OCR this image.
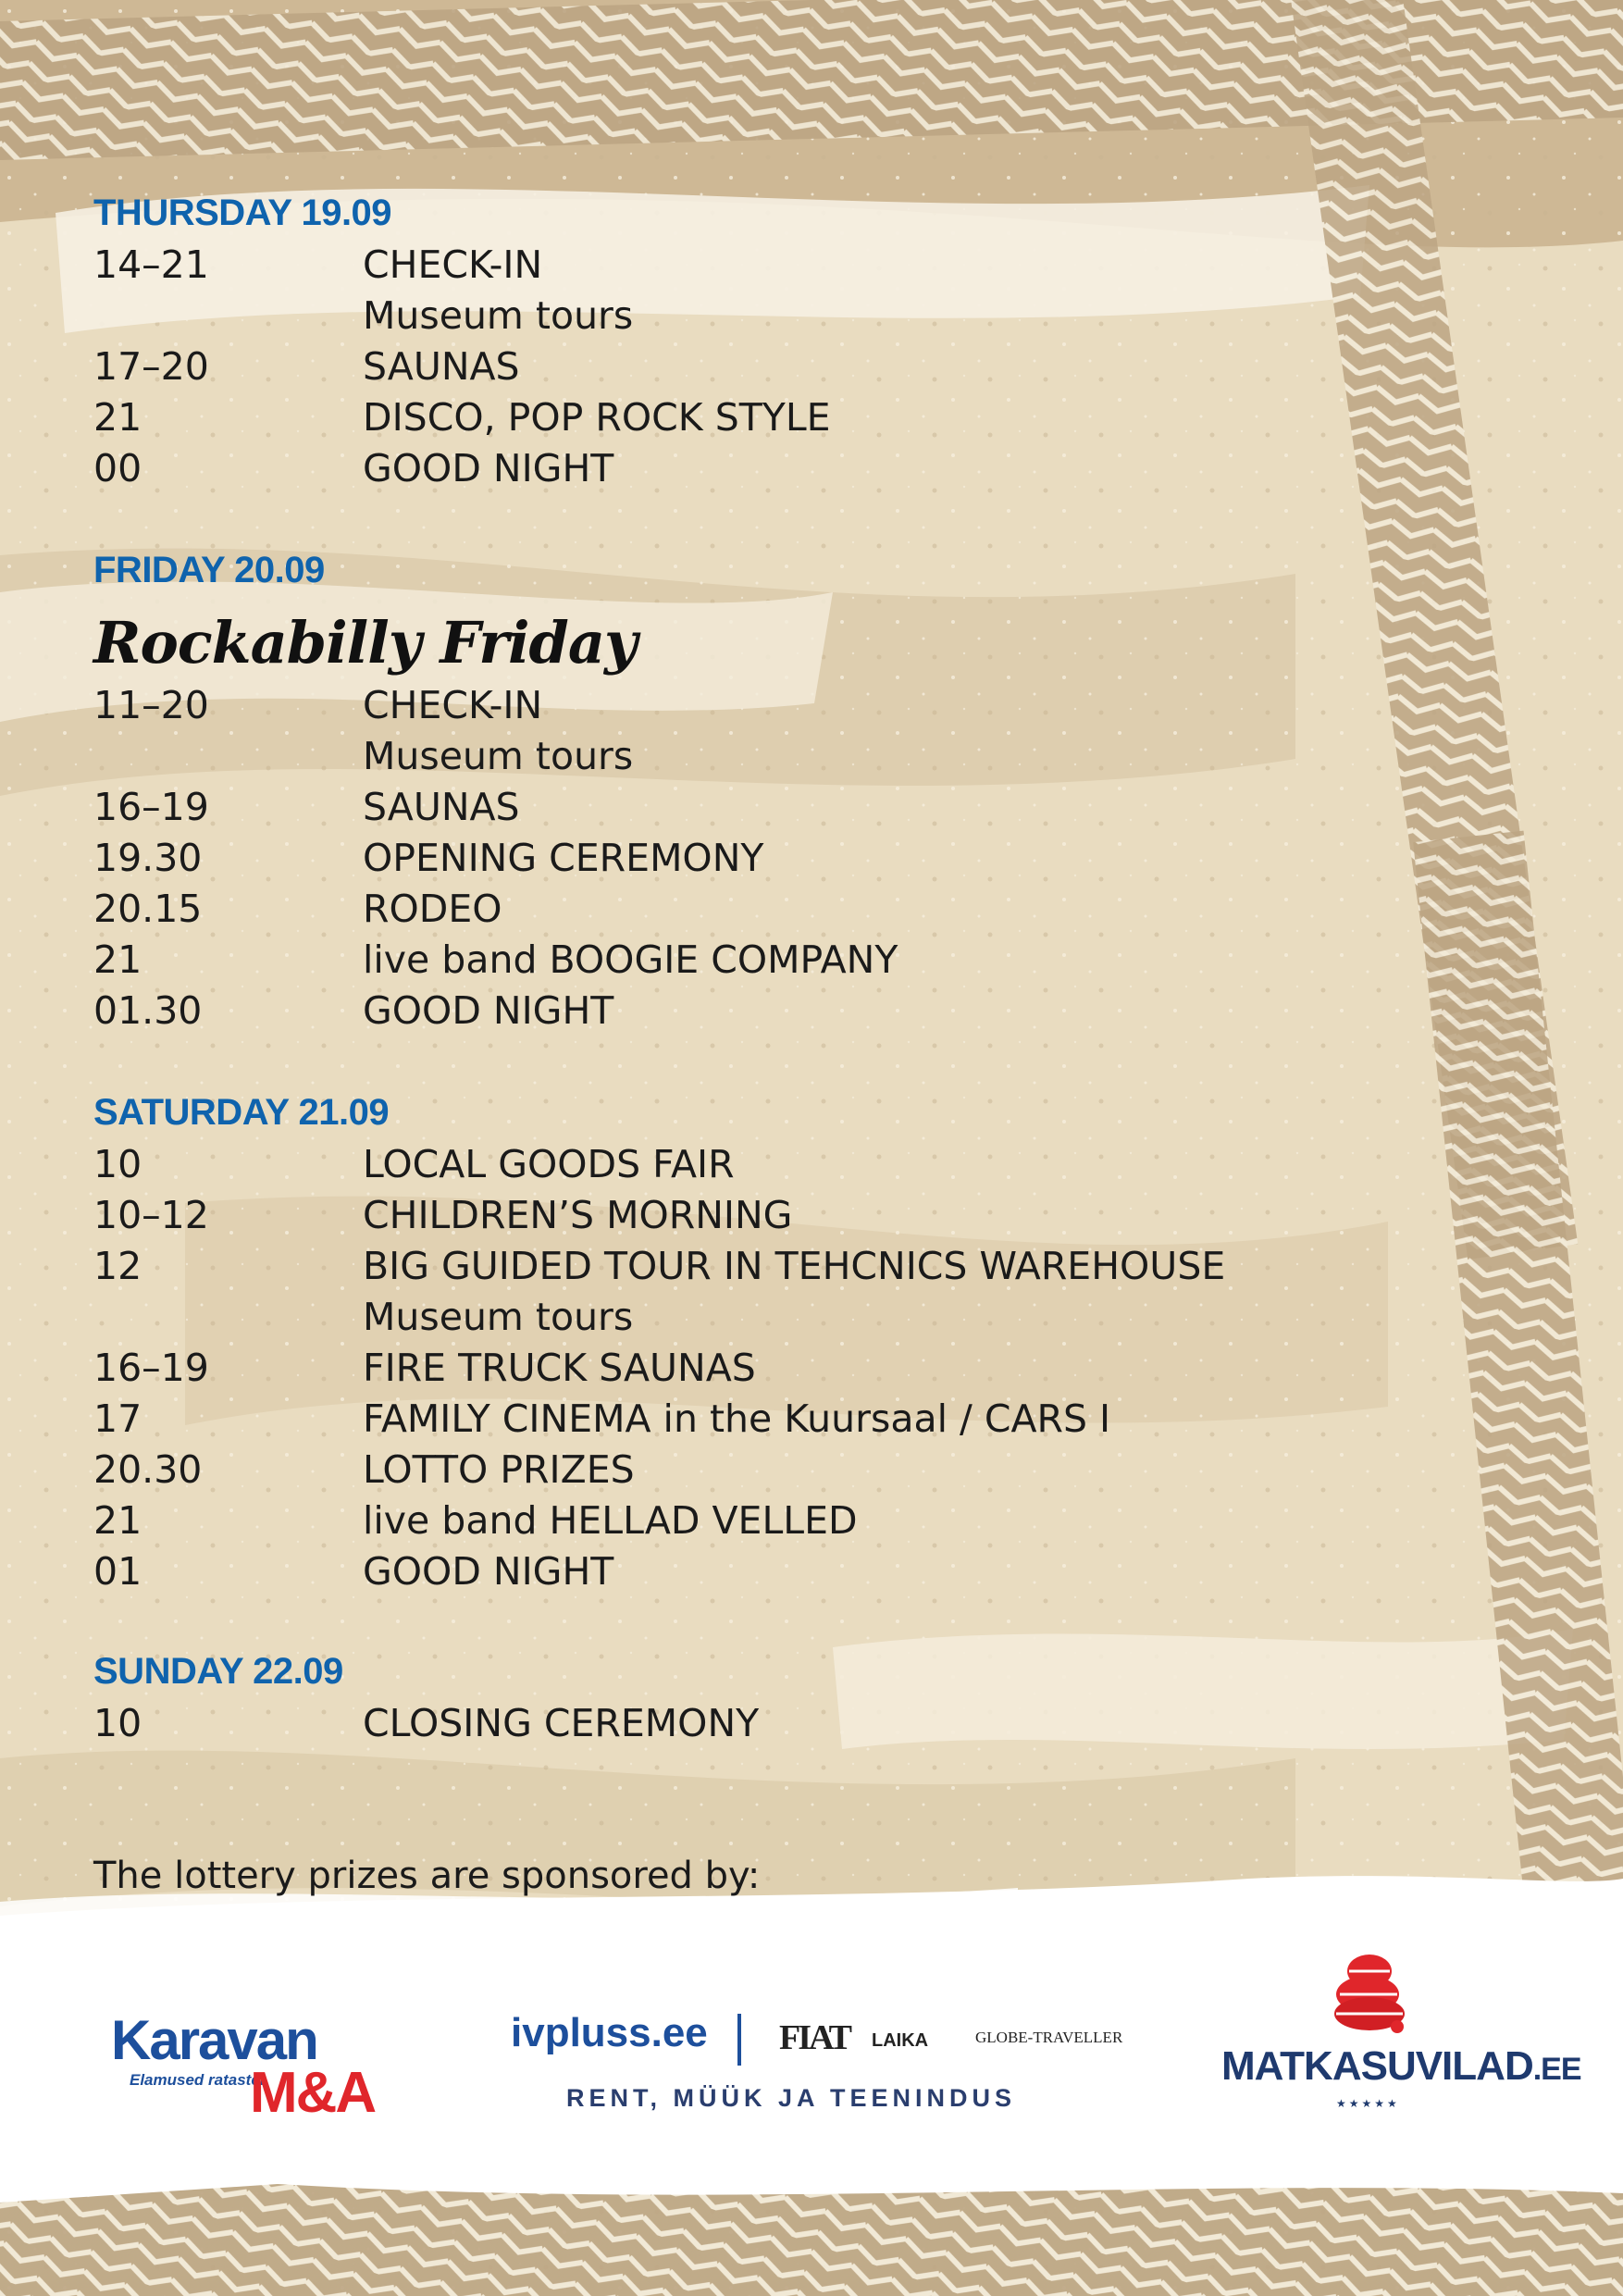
THURSDAY 19.09
14–21	CHECK-IN
Museum tours
17–20	SAUNAS
21	DISCO, POP ROCK STYLE
00	GOOD NIGHT
FRIDAY 20.09
Rockabilly Friday
11–20	CHECK-IN
Museum tours
16–19	SAUNAS
19.30	OPENING CEREMONY
20.15	RODEO
21	live band BOOGIE COMPANY
01.30	GOOD NIGHT
SATURDAY 21.09
10	LOCAL GOODS FAIR
10–12	CHILDREN’S MORNING
12	BIG GUIDED TOUR IN TEHCNICS WAREHOUSE
Museum tours
16–19	FIRE TRUCK SAUNAS
17	FAMILY CINEMA in the Kuursaal / CARS I
20.30	LOTTO PRIZES
21	live band HELLAD VELLED
01	GOOD NIGHT
SUNDAY 22.09
10	CLOSING CEREMONY
The lottery prizes are sponsored by:
Karavan
Elamused ratastel
M&A
ivpluss.ee FIAT LAIKA	GLOBE-TRAVELLER
RENT, MÜÜK JA TEENINDUS
MATKASUVILAD.EE
★★★★★
